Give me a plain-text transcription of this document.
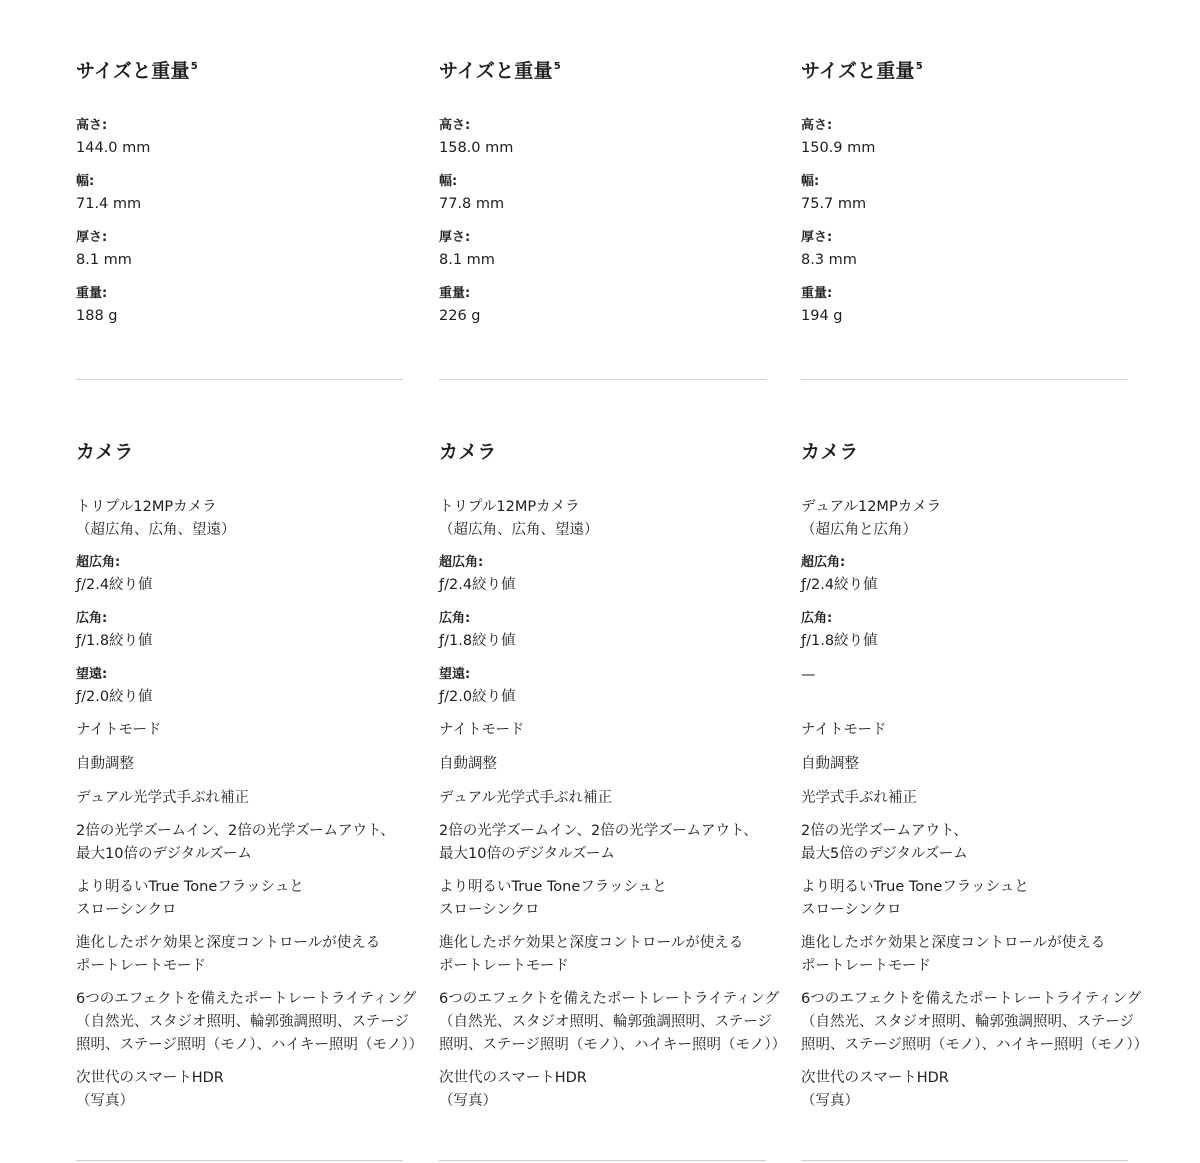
サイズと重量$^5$
高さ:
144.0 mm
幅:
71.4 mm
厚さ:
8.1 mm
重量:
188 g
カメラ
トリプル12MPカメラ
（超広角、広角、望遠）
超広角:
ƒ/2.4絞り値
広角:
ƒ/1.8絞り値
望遠:
ƒ/2.0絞り値
ナイトモード
自動調整
デュアル光学式手ぶれ補正
2倍の光学ズームイン、2倍の光学ズームアウト、
最大10倍のデジタルズーム
より明るいTrue Toneフラッシュと
スローシンクロ
進化したボケ効果と深度コントロールが使える
ポートレートモード
6つのエフェクトを備えたポートレートライティング
（自然光、スタジオ照明、輪郭強調照明、ステージ
照明、ステージ照明（モノ）、ハイキー照明（モノ））
次世代のスマートHDR
（写真）
サイズと重量$^5$
高さ:
158.0 mm
幅:
77.8 mm
厚さ:
8.1 mm
重量:
226 g
カメラ
トリプル12MPカメラ
（超広角、広角、望遠）
超広角:
ƒ/2.4絞り値
広角:
ƒ/1.8絞り値
望遠:
ƒ/2.0絞り値
ナイトモード
自動調整
デュアル光学式手ぶれ補正
2倍の光学ズームイン、2倍の光学ズームアウト、
最大10倍のデジタルズーム
より明るいTrue Toneフラッシュと
スローシンクロ
進化したボケ効果と深度コントロールが使える
ポートレートモード
6つのエフェクトを備えたポートレートライティング
（自然光、スタジオ照明、輪郭強調照明、ステージ
照明、ステージ照明（モノ）、ハイキー照明（モノ））
次世代のスマートHDR
（写真）
サイズと重量$^5$
高さ:
150.9 mm
幅:
75.7 mm
厚さ:
8.3 mm
重量:
194 g
カメラ
デュアル12MPカメラ
（超広角と広角）
超広角:
ƒ/2.4絞り値
広角:
ƒ/1.8絞り値
—
ナイトモード
自動調整
光学式手ぶれ補正
2倍の光学ズームアウト、
最大5倍のデジタルズーム
より明るいTrue Toneフラッシュと
スローシンクロ
進化したボケ効果と深度コントロールが使える
ポートレートモード
6つのエフェクトを備えたポートレートライティング
（自然光、スタジオ照明、輪郭強調照明、ステージ
照明、ステージ照明（モノ）、ハイキー照明（モノ））
次世代のスマートHDR
（写真）
